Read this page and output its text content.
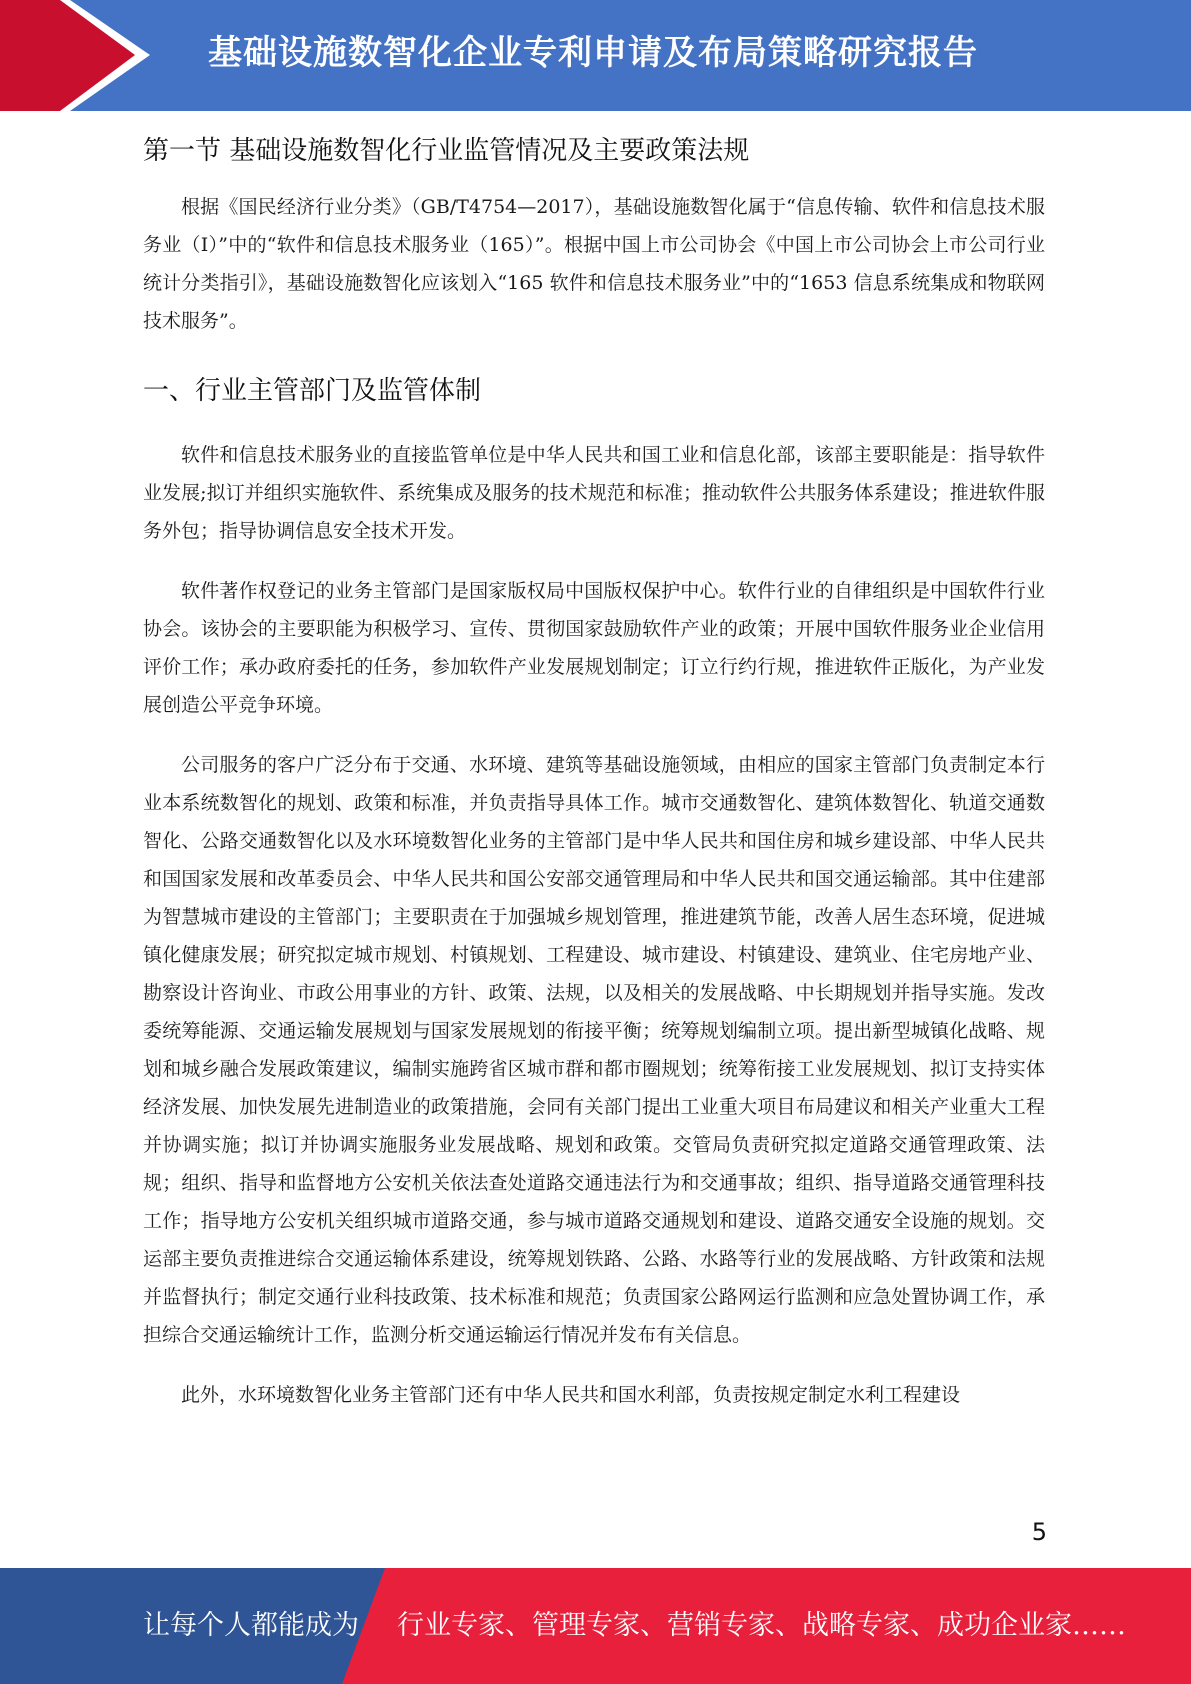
基础设施数智化企业专利申请及布局策略研究报告
第一节 基础设施数智化行业监管情况及主要政策法规

根据《国民经济行业分类》（GB/T4754—2017），基础设施数智化属于“信息传输、软件和信息技术服务业（I）”中的“软件和信息技术服务业（165）”。根据中国上市公司协会《中国上市公司协会上市公司行业统计分类指引》，基础设施数智化应该划入“165 软件和信息技术服务业”中的“1653 信息系统集成和物联网技术服务”。

一、行业主管部门及监管体制

软件和信息技术服务业的直接监管单位是中华人民共和国工业和信息化部，该部主要职能是：指导软件业发展;拟订并组织实施软件、系统集成及服务的技术规范和标准；推动软件公共服务体系建设；推进软件服务外包；指导协调信息安全技术开发。

软件著作权登记的业务主管部门是国家版权局中国版权保护中心。软件行业的自律组织是中国软件行业协会。该协会的主要职能为积极学习、宣传、贯彻国家鼓励软件产业的政策；开展中国软件服务业企业信用评价工作；承办政府委托的任务，参加软件产业发展规划制定；订立行约行规，推进软件正版化，为产业发展创造公平竞争环境。

公司服务的客户广泛分布于交通、水环境、建筑等基础设施领域，由相应的国家主管部门负责制定本行业本系统数智化的规划、政策和标准，并负责指导具体工作。城市交通数智化、建筑体数智化、轨道交通数智化、公路交通数智化以及水环境数智化业务的主管部门是中华人民共和国住房和城乡建设部、中华人民共和国国家发展和改革委员会、中华人民共和国公安部交通管理局和中华人民共和国交通运输部。其中住建部为智慧城市建设的主管部门；主要职责在于加强城乡规划管理，推进建筑节能，改善人居生态环境，促进城镇化健康发展；研究拟定城市规划、村镇规划、工程建设、城市建设、村镇建设、建筑业、住宅房地产业、勘察设计咨询业、市政公用事业的方针、政策、法规，以及相关的发展战略、中长期规划并指导实施。发改委统筹能源、交通运输发展规划与国家发展规划的衔接平衡；统筹规划编制立项。提出新型城镇化战略、规划和城乡融合发展政策建议，编制实施跨省区城市群和都市圈规划；统筹衔接工业发展规划、拟订支持实体经济发展、加快发展先进制造业的政策措施，会同有关部门提出工业重大项目布局建议和相关产业重大工程并协调实施；拟订并协调实施服务业发展战略、规划和政策。交管局负责研究拟定道路交通管理政策、法规；组织、指导和监督地方公安机关依法查处道路交通违法行为和交通事故；组织、指导道路交通管理科技工作；指导地方公安机关组织城市道路交通，参与城市道路交通规划和建设、道路交通安全设施的规划。交运部主要负责推进综合交通运输体系建设，统筹规划铁路、公路、水路等行业的发展战略、方针政策和法规并监督执行；制定交通行业科技政策、技术标准和规范；负责国家公路网运行监测和应急处置协调工作，承担综合交通运输统计工作，监测分析交通运输运行情况并发布有关信息。

此外，水环境数智化业务主管部门还有中华人民共和国水利部，负责按规定制定水利工程建设

5
让每个人都能成为 行业专家、管理专家、营销专家、战略专家、成功企业家……
